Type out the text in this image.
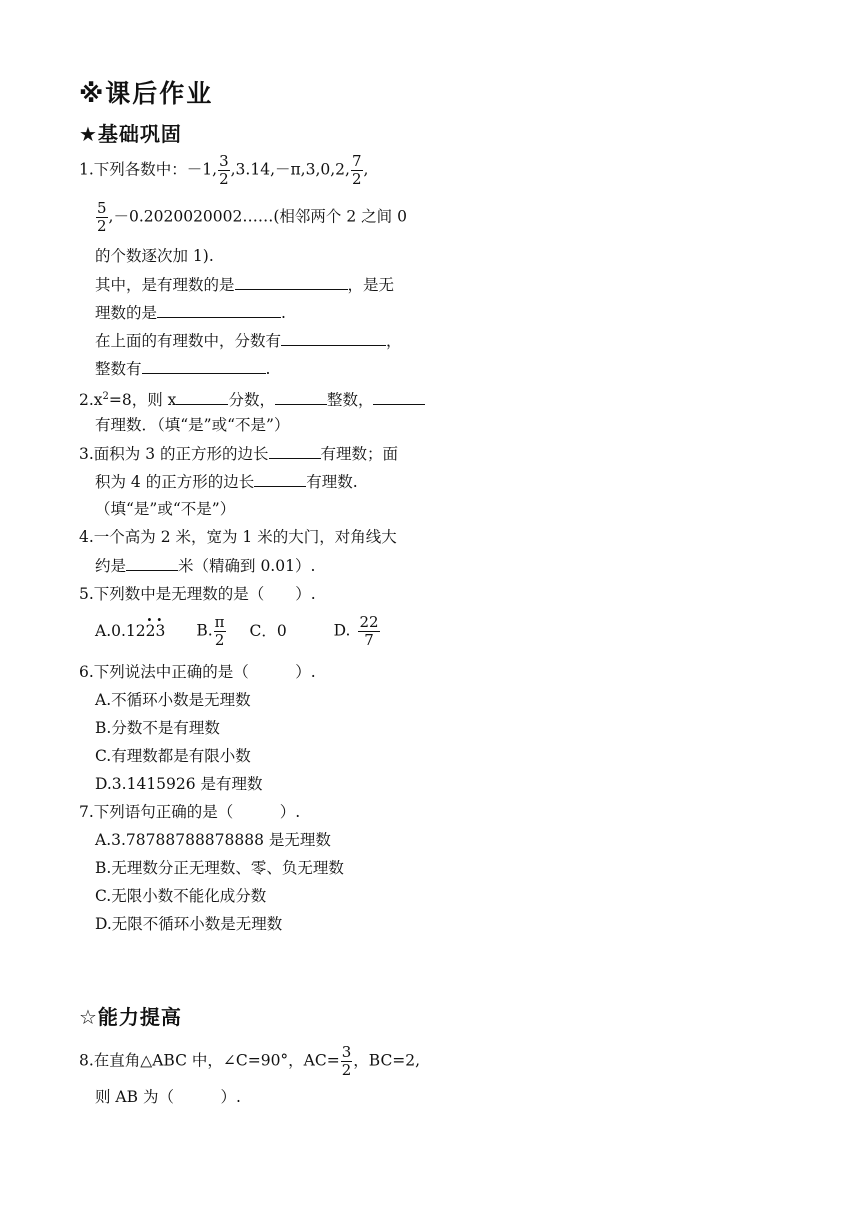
※课后作业
★基础巩固
1.下列各数中：－1, $\frac{3}{2} ,3.14,-\pi,3,0,2$, $\frac{7}{2}$ ,
$\frac{5}{2}$ ,－0.2020020002……(相邻两个 2 之间 0
的个数逐次加 1).
其中，是有理数的是	，是无
理数的是	.
在上面的有理数中，分数有	，
整数有	.
$2.x^2=8$，则 x	分数，	整数，
有理数．（填“是”或“不是”）
3.面积为 3 的正方形的边长	有理数；面
积为 4 的正方形的边长	有理数.
（填“是”或“不是”）
4.一个高为 2 米，宽为 1 米的大门，对角线大
约是	米（精确到 0.01）.
5.下列数中是无理数的是（　　）.
A.0.12· 2· 3 B. $\frac{\pi}{2}$ C．0	D. $\frac{22}{7}$
6.下列说法中正确的是（　　　）.
A.不循环小数是无理数
B.分数不是有理数
C.有理数都是有限小数
D.3.1415926 是有理数
7.下列语句正确的是（　　　）.
A.3.78788788878888 是无理数
B.无理数分正无理数、零、负无理数
C.无限小数不能化成分数
D.无限不循环小数是无理数
☆能力提高
8.在直角△ABC 中，∠C=90°，$AC= \frac{3}{2}$ ，BC=2,
则 AB 为（　　　）.
